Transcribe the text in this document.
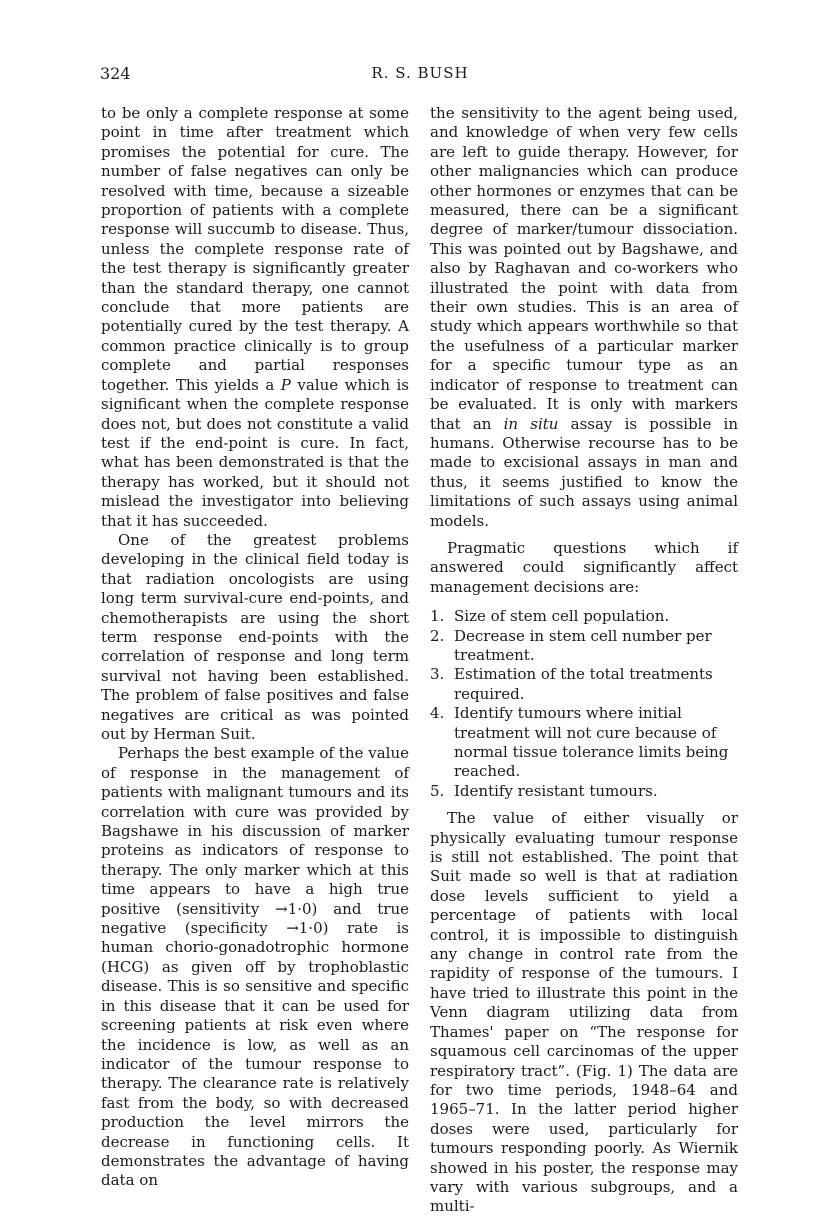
324	R. S. BUSH

to be only a complete response at some point in time after treatment which promises the potential for cure. The number of false negatives can only be resolved with time, because a sizeable proportion of patients with a complete response will succumb to disease. Thus, unless the complete response rate of the test therapy is significantly greater than the standard therapy, one cannot conclude that more patients are potentially cured by the test therapy. A common practice clinically is to group complete and partial responses together. This yields a P value which is significant when the complete response does not, but does not constitute a valid test if the end-point is cure. In fact, what has been demonstrated is that the therapy has worked, but it should not mislead the investigator into believing that it has succeeded.

One of the greatest problems developing in the clinical field today is that radiation oncologists are using long term survival-cure end-points, and chemotherapists are using the short term response end-points with the correlation of response and long term survival not having been established. The problem of false positives and false negatives are critical as was pointed out by Herman Suit.

Perhaps the best example of the value of response in the management of patients with malignant tumours and its correlation with cure was provided by Bagshawe in his discussion of marker proteins as indicators of response to therapy. The only marker which at this time appears to have a high true positive (sensitivity →1·0) and true negative (specificity →1·0) rate is human chorio-gonadotrophic hormone (HCG) as given off by trophoblastic disease. This is so sensitive and specific in this disease that it can be used for screening patients at risk even where the incidence is low, as well as an indicator of the tumour response to therapy. The clearance rate is relatively fast from the body, so with decreased production the level mirrors the decrease in functioning cells. It demonstrates the advantage of having data on

the sensitivity to the agent being used, and knowledge of when very few cells are left to guide therapy. However, for other malignancies which can produce other hormones or enzymes that can be measured, there can be a significant degree of marker/tumour dissociation. This was pointed out by Bagshawe, and also by Raghavan and co-workers who illustrated the point with data from their own studies. This is an area of study which appears worthwhile so that the usefulness of a particular marker for a specific tumour type as an indicator of response to treatment can be evaluated. It is only with markers that an in situ assay is possible in humans. Otherwise recourse has to be made to excisional assays in man and thus, it seems justified to know the limitations of such assays using animal models.

Pragmatic questions which if answered could significantly affect management decisions are:

1. Size of stem cell population.
2. Decrease in stem cell number per treatment.
3. Estimation of the total treatments required.
4. Identify tumours where initial treatment will not cure because of normal tissue tolerance limits being reached.
5. Identify resistant tumours.

The value of either visually or physically evaluating tumour response is still not established. The point that Suit made so well is that at radiation dose levels sufficient to yield a percentage of patients with local control, it is impossible to distinguish any change in control rate from the rapidity of response of the tumours. I have tried to illustrate this point in the Venn diagram utilizing data from Thames' paper on “The response for squamous cell carcinomas of the upper respiratory tract”. (Fig. 1) The data are for two time periods, 1948–64 and 1965–71. In the latter period higher doses were used, particularly for tumours responding poorly. As Wiernik showed in his poster, the response may vary with various subgroups, and a multi-
